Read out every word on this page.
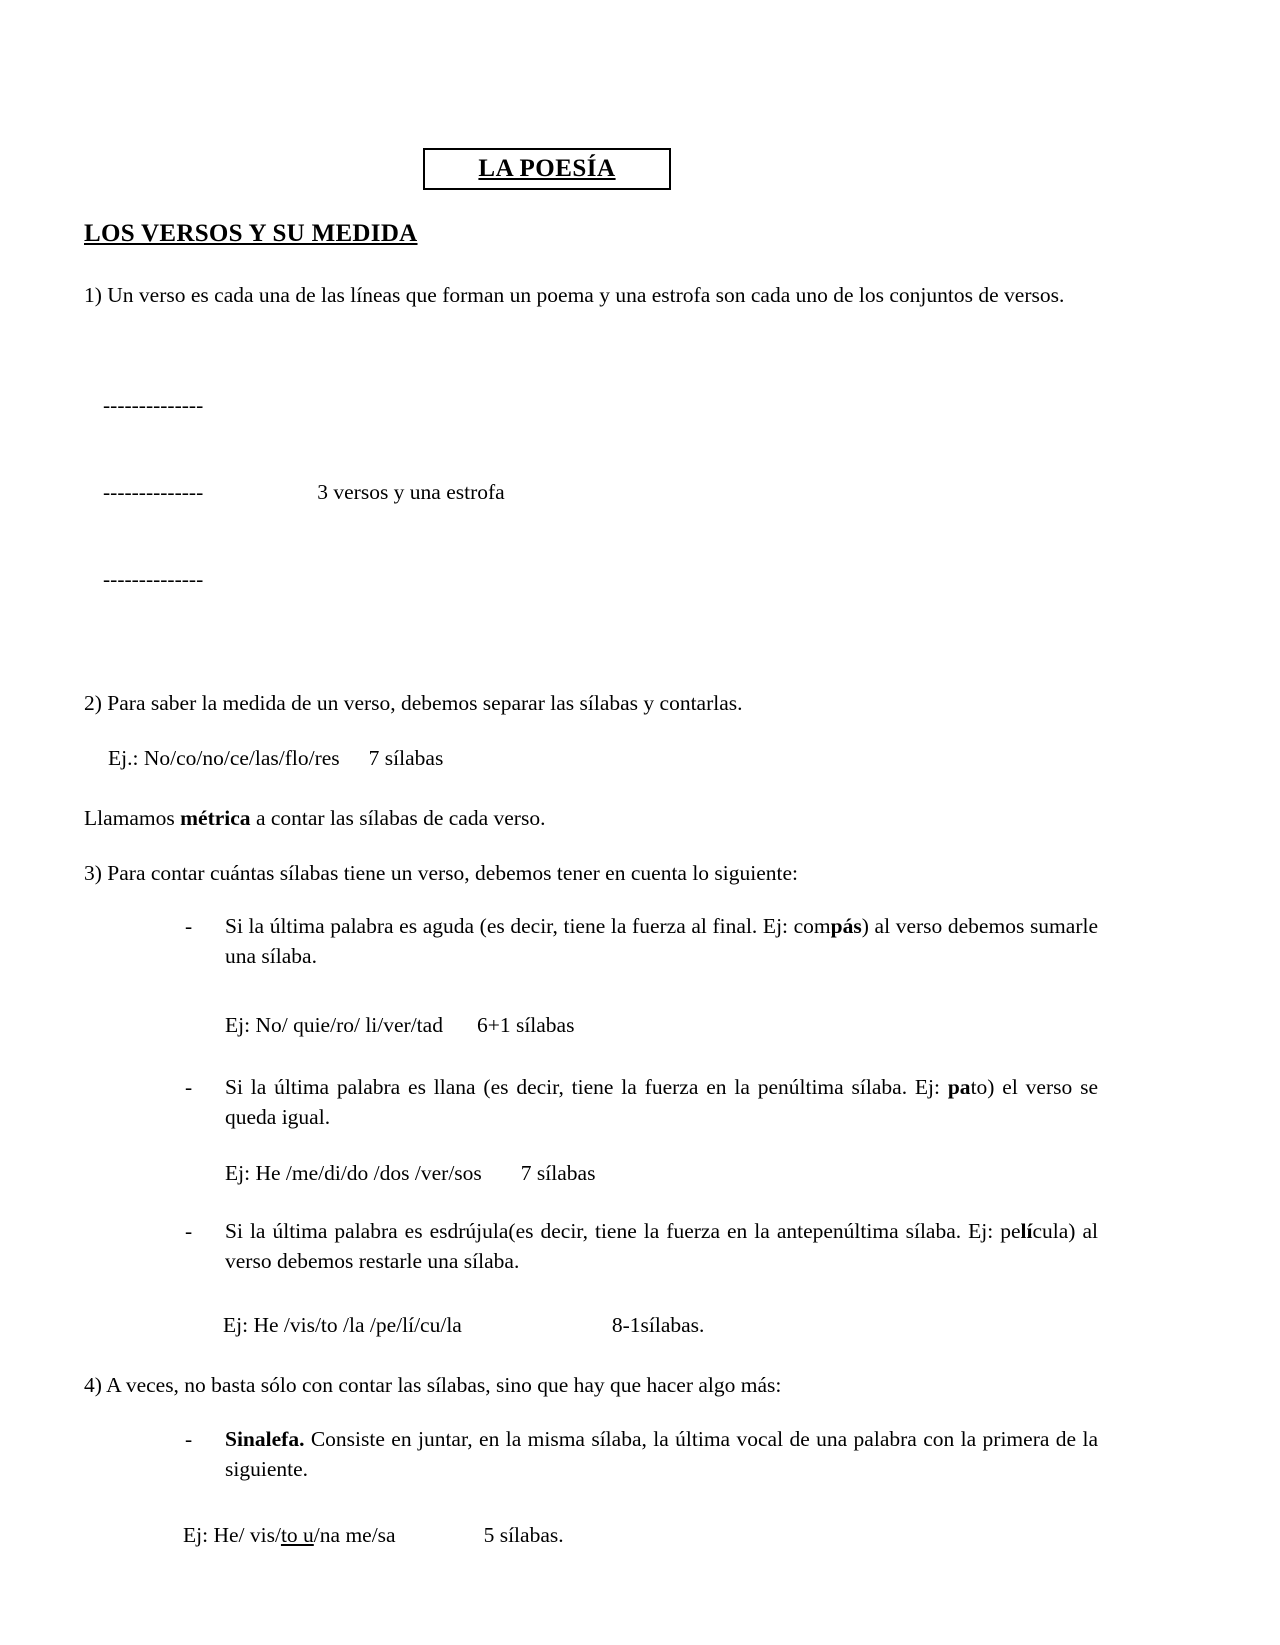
LA POESÍA
LOS VERSOS Y SU MEDIDA

1) Un verso es cada una de las líneas que forman un poema y una estrofa son cada uno de los conjuntos de versos.

--------------

--------------	3 versos y una estrofa

--------------

2) Para saber la medida de un verso, debemos separar las sílabas y contarlas.

Ej.: No/co/no/ce/las/flo/res 7 sílabas

Llamamos métrica a contar las sílabas de cada verso.

3) Para contar cuántas sílabas tiene un verso, debemos tener en cuenta lo siguiente:

-	Si la última palabra es aguda (es decir, tiene la fuerza al final. Ej: compás) al verso debemos sumarle una sílaba.

Ej: No/ quie/ro/ li/ver/tad 6+1 sílabas

-	Si la última palabra es llana (es decir, tiene la fuerza en la penúltima sílaba. Ej: pato) el verso se queda igual.

Ej: He /me/di/do /dos /ver/sos 7 sílabas

-	Si la última palabra es esdrújula(es decir, tiene la fuerza en la antepenúltima sílaba. Ej: película) al verso debemos restarle una sílaba.

Ej: He /vis/to /la /pe/lí/cu/la	8-1sílabas.

4) A veces, no basta sólo con contar las sílabas, sino que hay que hacer algo más:

-	Sinalefa. Consiste en juntar, en la misma sílaba, la última vocal de una palabra con la primera de la siguiente.

Ej: He/ vis/to u/na me/sa	5 sílabas.
